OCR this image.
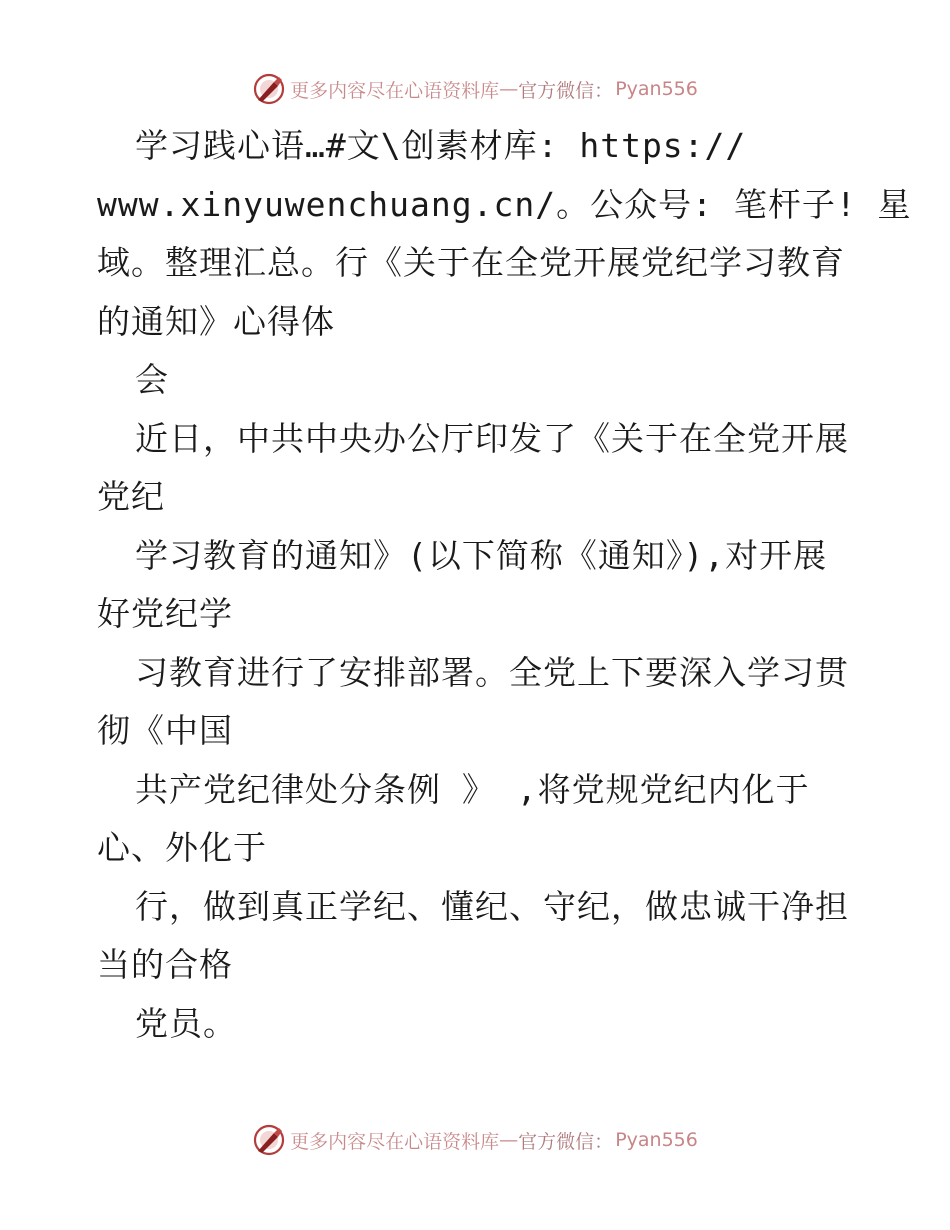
更多内容尽在心语资料库 — 官方微信： Pyan556
学习践心语…#文\创素材库: https://
www.xinyuwenchuang.cn/。公众号: 笔杆子! 星
域。整理汇总。行《关于在全党开展党纪学习教育
的通知》心得体
会
近日，中共中央办公厅印发了《关于在全党开展
党纪
学习教育的通知》(以下简称《通知》),对开展
好党纪学
习教育进行了安排部署。全党上下要深入学习贯
彻《中国
共产党纪律处分条例 》 ,将党规党纪内化于
心、外化于
行，做到真正学纪、懂纪、守纪，做忠诚干净担
当的合格
党员。
更多内容尽在心语资料库 — 官方微信： Pyan556
